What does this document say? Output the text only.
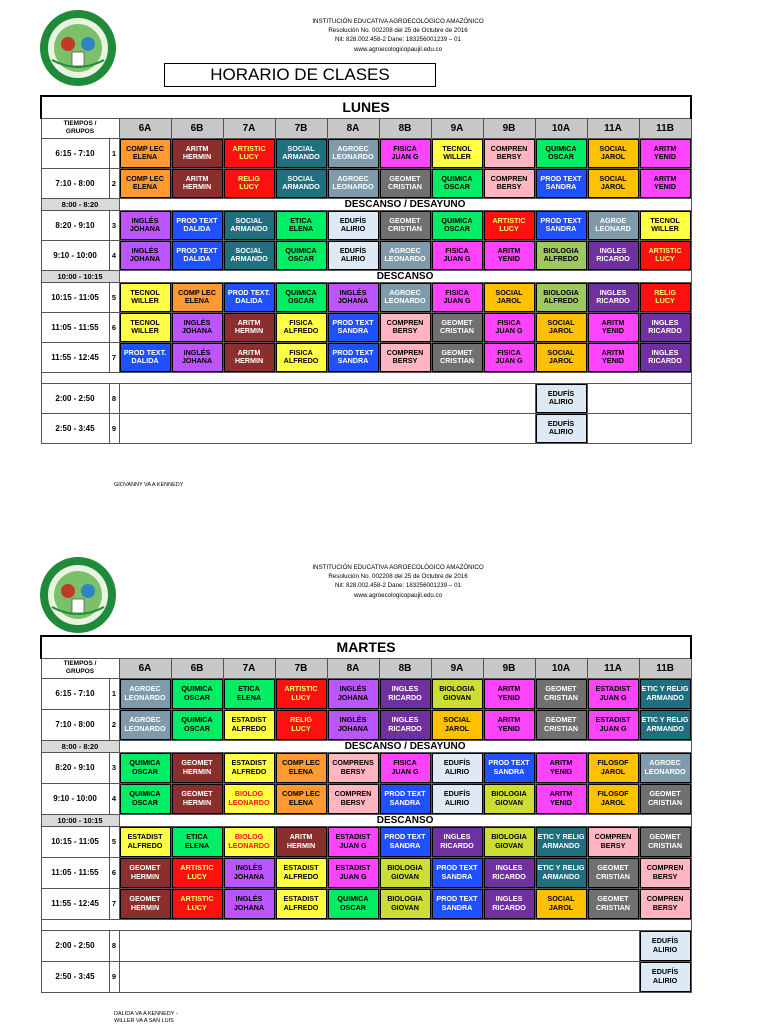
INSTITUCIÓN EDUCATIVA AGROECOLÓGICO AMAZÓNICO
Resolución No. 002208 del 25 de Octubre de 2016
Nit: 828.002.458-2 Dane: 183256001239 – 01
www.agroecologicopaujil.edu.co
HORARIO DE CLASES
LUNES												

TIEMPOS /
GRUPOS		6A	6B	7A	7B	8A	8B	9A	9B	10A	11A	11B
6:15 - 7:10	1	COMP LEC
ELENA	ARITM
HERMIN	ARTISTIC
LUCY	SOCIAL
ARMANDO	AGROEC
LEONARDO	FISICA
JUAN G	TECNOL
WILLER	COMPREN
BERSY	QUIMICA
OSCAR	SOCIAL
JAROL	ARITM
YENID

7:10 - 8:00	2	COMP LEC
ELENA	ARITM
HERMIN	RELIG
LUCY	SOCIAL
ARMANDO	AGROEC
LEONARDO	GEOMET
CRISTIAN	QUIMICA
OSCAR	COMPREN
BERSY	PROD TEXT
SANDRA	SOCIAL
JAROL	ARITM
YENID

8:00 - 8:20		DESCANSO / DESAYUNO										
8:20 - 9:10	3	INGLÉS
JOHANA	PROD TEXT
DALIDA	SOCIAL
ARMANDO	ETICA
ELENA	EDUFÍS
ALIRIO	GEOMET
CRISTIAN	QUIMICA
OSCAR	ARTISTIC
LUCY	PROD TEXT
SANDRA	AGROE
LEONARD	TECNOL
WILLER

9:10 - 10:00	4	INGLÉS
JOHANA	PROD TEXT
DALIDA	SOCIAL
ARMANDO	QUIMICA
OSCAR	EDUFÍS
ALIRIO	AGROEC
LEONARDO	FISICA
JUAN G	ARITM
YENID	BIOLOGIA
ALFREDO	INGLES
RICARDO	ARTISTIC
LUCY

10:00 - 10:15		DESCANSO										
10:15 - 11:05	5	TECNOL
WILLER	COMP LEC
ELENA	PROD TEXT.
DALIDA	QUIMICA
OSCAR	INGLÉS
JOHANA	AGROEC
LEONARDO	FISICA
JUAN G	SOCIAL
JAROL	BIOLOGIA
ALFREDO	INGLES
RICARDO	RELIG
LUCY

11:05 - 11:55	6	TECNOL
WILLER	INGLÉS
JOHANA	ARITM
HERMIN	FISICA
ALFREDO	PROD TEXT
SANDRA	COMPREN
BERSY	GEOMET
CRISTIAN	FISICA
JUAN G	SOCIAL
JAROL	ARITM
YENID	INGLES
RICARDO

11:55 - 12:45	7	PROD TEXT.
DALIDA	INGLÉS
JOHANA	ARITM
HERMIN	FISICA
ALFREDO	PROD TEXT
SANDRA	COMPREN
BERSY	GEOMET
CRISTIAN	FISICA
JUAN G	SOCIAL
JAROL	ARITM
YENID	INGLES
RICARDO

2:00 - 2:50	8									EDUFÍS
ALIRIO		

2:50 - 3:45	9									EDUFÍS
ALIRIO		

GIOVANNY VA A KENNEDY
INSTITUCIÓN EDUCATIVA AGROECOLÓGICO AMAZÓNICO
Resolución No. 002208 del 25 de Octubre de 2016
Nit: 828.002.458-2 Dane: 183256001239 – 01
www.agroecologicopaujil.edu.co
MARTES												

TIEMPOS /
GRUPOS		6A	6B	7A	7B	8A	8B	9A	9B	10A	11A	11B
6:15 - 7:10	1	AGROEC
LEONARDO	QUIMICA
OSCAR	ETICA
ELENA	ARTISTIC
LUCY	INGLÉS
JOHANA	INGLES
RICARDO	BIOLOGIA
GIOVAN	ARITM
YENID	GEOMET
CRISTIAN	ESTADIST
JUAN G	ETIC Y RELIG
ARMANDO

7:10 - 8:00	2	AGROEC
LEONARDO	QUIMICA
OSCAR	ESTADIST
ALFREDO	RELIG
LUCY	INGLÉS
JOHANA	INGLES
RICARDO	SOCIAL
JAROL	ARITM
YENID	GEOMET
CRISTIAN	ESTADIST
JUAN G	ETIC Y RELIG
ARMANDO

8:00 - 8:20		DESCANSO / DESAYUNO										
8:20 - 9:10	3	QUIMICA
OSCAR	GEOMET
HERMIN	ESTADIST
ALFREDO	COMP LEC
ELENA	COMPRENS
BERSY	FISICA
JUAN G	EDUFÍS
ALIRIO	PROD TEXT
SANDRA	ARITM
YENID	FILOSOF
JAROL	AGROEC
LEONARDO

9:10 - 10:00	4	QUIMICA
OSCAR	GEOMET
HERMIN	BIOLOG
LEONARDO	COMP LEC
ELENA	COMPREN
BERSY	PROD TEXT
SANDRA	EDUFÍS
ALIRIO	BIOLOGIA
GIOVAN	ARITM
YENID	FILOSOF
JAROL	GEOMET
CRISTIAN

10:00 - 10:15		DESCANSO										
10:15 - 11:05	5	ESTADIST
ALFREDO	ETICA
ELENA	BIOLOG
LEONARDO	ARITM
HERMIN	ESTADIST
JUAN G	PROD TEXT
SANDRA	INGLES
RICARDO	BIOLOGIA
GIOVAN	ETIC Y RELIG
ARMANDO	COMPREN
BERSY	GEOMET
CRISTIAN

11:05 - 11:55	6	GEOMET
HERMIN	ARTISTIC
LUCY	INGLÉS
JOHANA	ESTADIST
ALFREDO	ESTADIST
JUAN G	BIOLOGIA
GIOVAN	PROD TEXT
SANDRA	INGLES
RICARDO	ETIC Y RELIG
ARMANDO	GEOMET
CRISTIAN	COMPREN
BERSY

11:55 - 12:45	7	GEOMET
HERMIN	ARTISTIC
LUCY	INGLÉS
JOHANA	ESTADIST
ALFREDO	QUIMICA
OSCAR	BIOLOGIA
GIOVAN	PROD TEXT
SANDRA	INGLES
RICARDO	SOCIAL
JAROL	GEOMET
CRISTIAN	COMPREN
BERSY

2:00 - 2:50	8											EDUFÍS
ALIRIO

2:50 - 3:45	9											EDUFÍS
ALIRIO
DALIDA VA A KENNEDY -
WILLER VA A SAN LUIS
